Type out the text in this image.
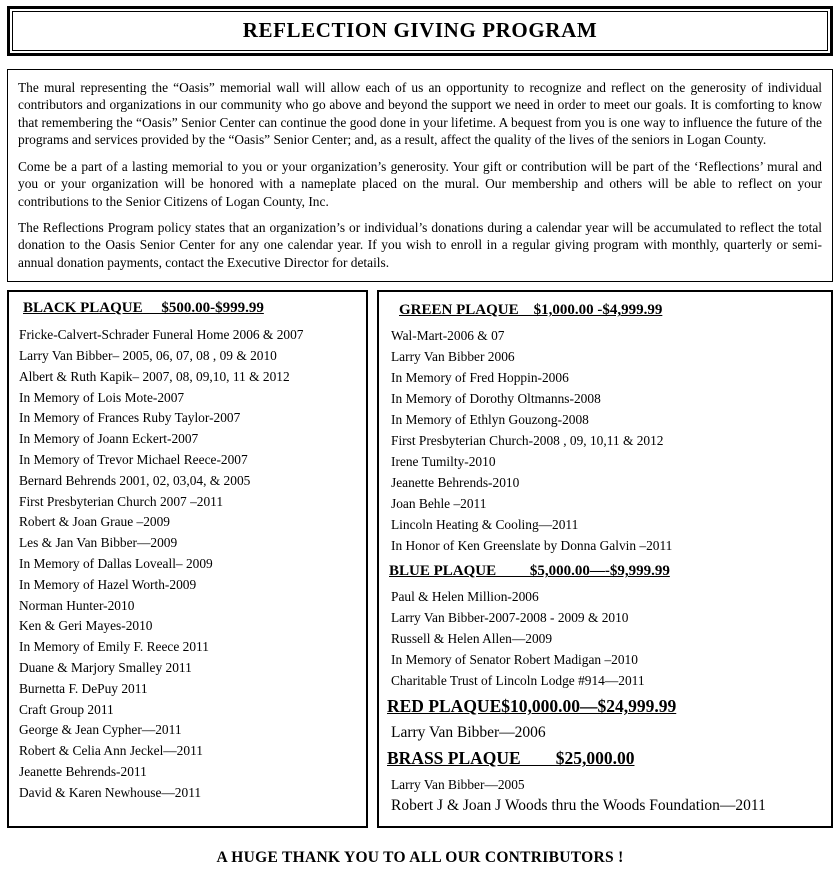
REFLECTION GIVING PROGRAM

The mural representing the “Oasis” memorial wall will allow each of us an opportunity to recognize and reflect on the generosity of individual contributors and organizations in our community who go above and beyond the support we need in order to meet our goals. It is comforting to know that remembering the “Oasis” Senior Center can continue the good done in your lifetime. A bequest from you is one way to influence the future of the programs and services provided by the “Oasis” Senior Center; and, as a result, affect the quality of the lives of the seniors in Logan County.

Come be a part of a lasting memorial to you or your organization’s generosity. Your gift or contribution will be part of the ‘Reflections’ mural and you or your organization will be honored with a nameplate placed on the mural. Our membership and others will be able to reflect on your contributions to the Senior Citizens of Logan County, Inc.

The Reflections Program policy states that an organization’s or individual’s donations during a calendar year will be accumulated to reflect the total donation to the Oasis Senior Center for any one calendar year. If you wish to enroll in a regular giving program with monthly, quarterly or semi-annual donation payments, contact the Executive Director for details.

BLACK PLAQUE     $500.00-$999.99
Fricke-Calvert-Schrader Funeral Home 2006 & 2007
Larry Van Bibber– 2005, 06, 07, 08 , 09 & 2010
Albert & Ruth Kapik– 2007, 08, 09,10, 11 & 2012
In Memory of Lois Mote-2007
In Memory of Frances Ruby Taylor-2007
In Memory of Joann Eckert-2007
In Memory of Trevor Michael Reece-2007
Bernard Behrends 2001, 02, 03,04, & 2005
First Presbyterian Church 2007 –2011
Robert & Joan Graue –2009
Les & Jan Van Bibber—2009
In Memory of Dallas Loveall– 2009
In Memory of Hazel Worth-2009
Norman Hunter-2010
Ken & Geri Mayes-2010
In Memory of Emily F. Reece 2011
Duane & Marjory Smalley 2011
Burnetta F. DePuy 2011
Craft Group 2011
George & Jean Cypher—2011
Robert & Celia Ann Jeckel—2011
Jeanette Behrends-2011
David & Karen Newhouse—2011
GREEN PLAQUE    $1,000.00 -$4,999.99
Wal-Mart-2006 & 07
Larry Van Bibber 2006
In Memory of Fred Hoppin-2006
In Memory of Dorothy Oltmanns-2008
In Memory of Ethlyn Gouzong-2008
First Presbyterian Church-2008 , 09, 10,11 & 2012
Irene Tumilty-2010
Jeanette Behrends-2010
Joan Behle –2011
Lincoln Heating & Cooling—2011
In Honor of Ken Greenslate by Donna Galvin –2011
BLUE PLAQUE         $5,000.00—-$9,999.99
Paul & Helen Million-2006
Larry Van Bibber-2007-2008 - 2009 & 2010
Russell & Helen Allen—2009
In Memory of Senator Robert Madigan –2010
Charitable Trust of Lincoln Lodge #914—2011
RED PLAQUE$10,000.00—$24,999.99
Larry Van Bibber—2006
BRASS PLAQUE        $25,000.00
Larry Van Bibber—2005
Robert J & Joan J Woods thru the Woods Foundation—2011
A HUGE THANK YOU TO ALL OUR CONTRIBUTORS !
